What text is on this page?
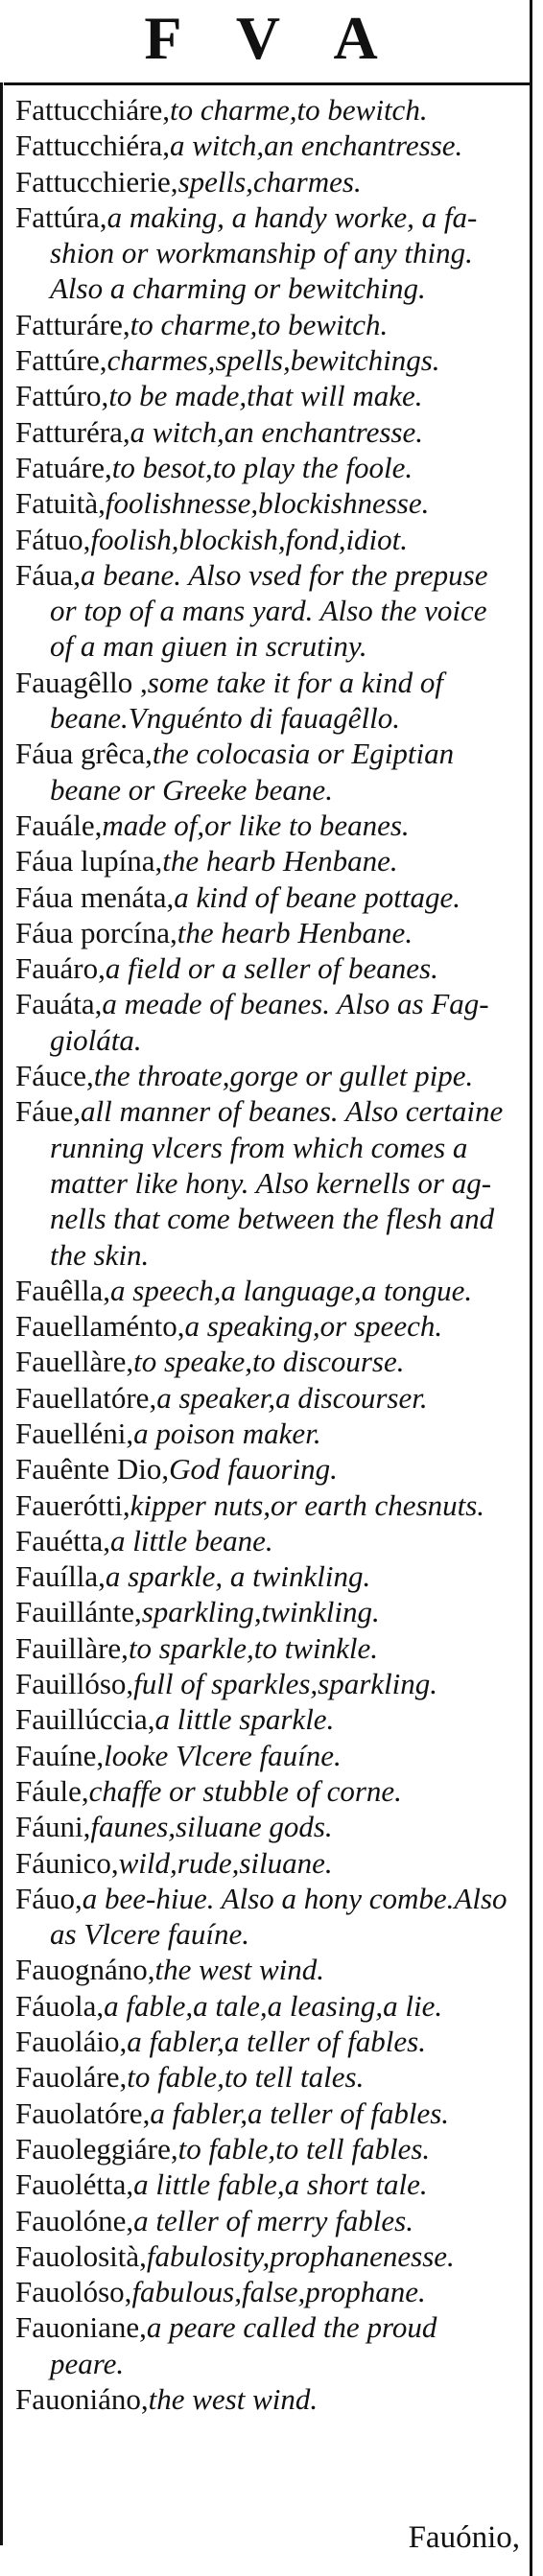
F V A
Fattucchiáre,to charme,to bewitch.
Fattucchiéra,a witch,an enchantresse.
Fattucchierie,spells,charmes.
Fattúra,a making, a handy worke, a fa-
shion or workmanship of any thing.
Also a charming or bewitching.
Fatturáre,to charme,to bewitch.
Fattúre,charmes,spells,bewitchings.
Fattúro,to be made,that will make.
Fatturéra,a witch,an enchantresse.
Fatuáre,to besot,to play the foole.
Fatuità,foolishnesse,blockishnesse.
Fátuo,foolish,blockish,fond,idiot.
Fáua,a beane. Also vsed for the prepuse
or top of a mans yard. Also the voice
of a man giuen in scrutiny.
Fauagêllo ,some take it for a kind of
beane.Vnguénto di fauagêllo.
Fáua grêca,the colocasia or Egiptian
beane or Greeke beane.
Fauále,made of,or like to beanes.
Fáua lupína,the hearb Henbane.
Fáua menáta,a kind of beane pottage.
Fáua porcína,the hearb Henbane.
Fauáro,a field or a seller of beanes.
Fauáta,a meade of beanes. Also as Fag-
gioláta.
Fáuce,the throate,gorge or gullet pipe.
Fáue,all manner of beanes. Also certaine
running vlcers from which comes a
matter like hony. Also kernells or ag-
nells that come between the flesh and
the skin.
Fauêlla,a speech,a language,a tongue.
Fauellaménto,a speaking,or speech.
Fauellàre,to speake,to discourse.
Fauellatóre,a speaker,a discourser.
Fauelléni,a poison maker.
Fauênte Dio,God fauoring.
Fauerótti,kipper nuts,or earth chesnuts.
Fauétta,a little beane.
Fauílla,a sparkle, a twinkling.
Fauillánte,sparkling,twinkling.
Fauillàre,to sparkle,to twinkle.
Fauillóso,full of sparkles,sparkling.
Fauillúccia,a little sparkle.
Fauíne,looke Vlcere fauíne.
Fáule,chaffe or stubble of corne.
Fáuni,faunes,siluane gods.
Fáunico,wild,rude,siluane.
Fáuo,a bee-hiue. Also a hony combe.Also
as Vlcere fauíne.
Fauognáno,the west wind.
Fáuola,a fable,a tale,a leasing,a lie.
Fauoláio,a fabler,a teller of fables.
Fauoláre,to fable,to tell tales.
Fauolatóre,a fabler,a teller of fables.
Fauoleggiáre,to fable,to tell fables.
Fauolétta,a little fable,a short tale.
Fauolóne,a teller of merry fables.
Fauolosità,fabulosity,prophanenesse.
Fauolóso,fabulous,false,prophane.
Fauoniane,a peare called the proud
peare.
Fauoniáno,the west wind.
Fauónio,
